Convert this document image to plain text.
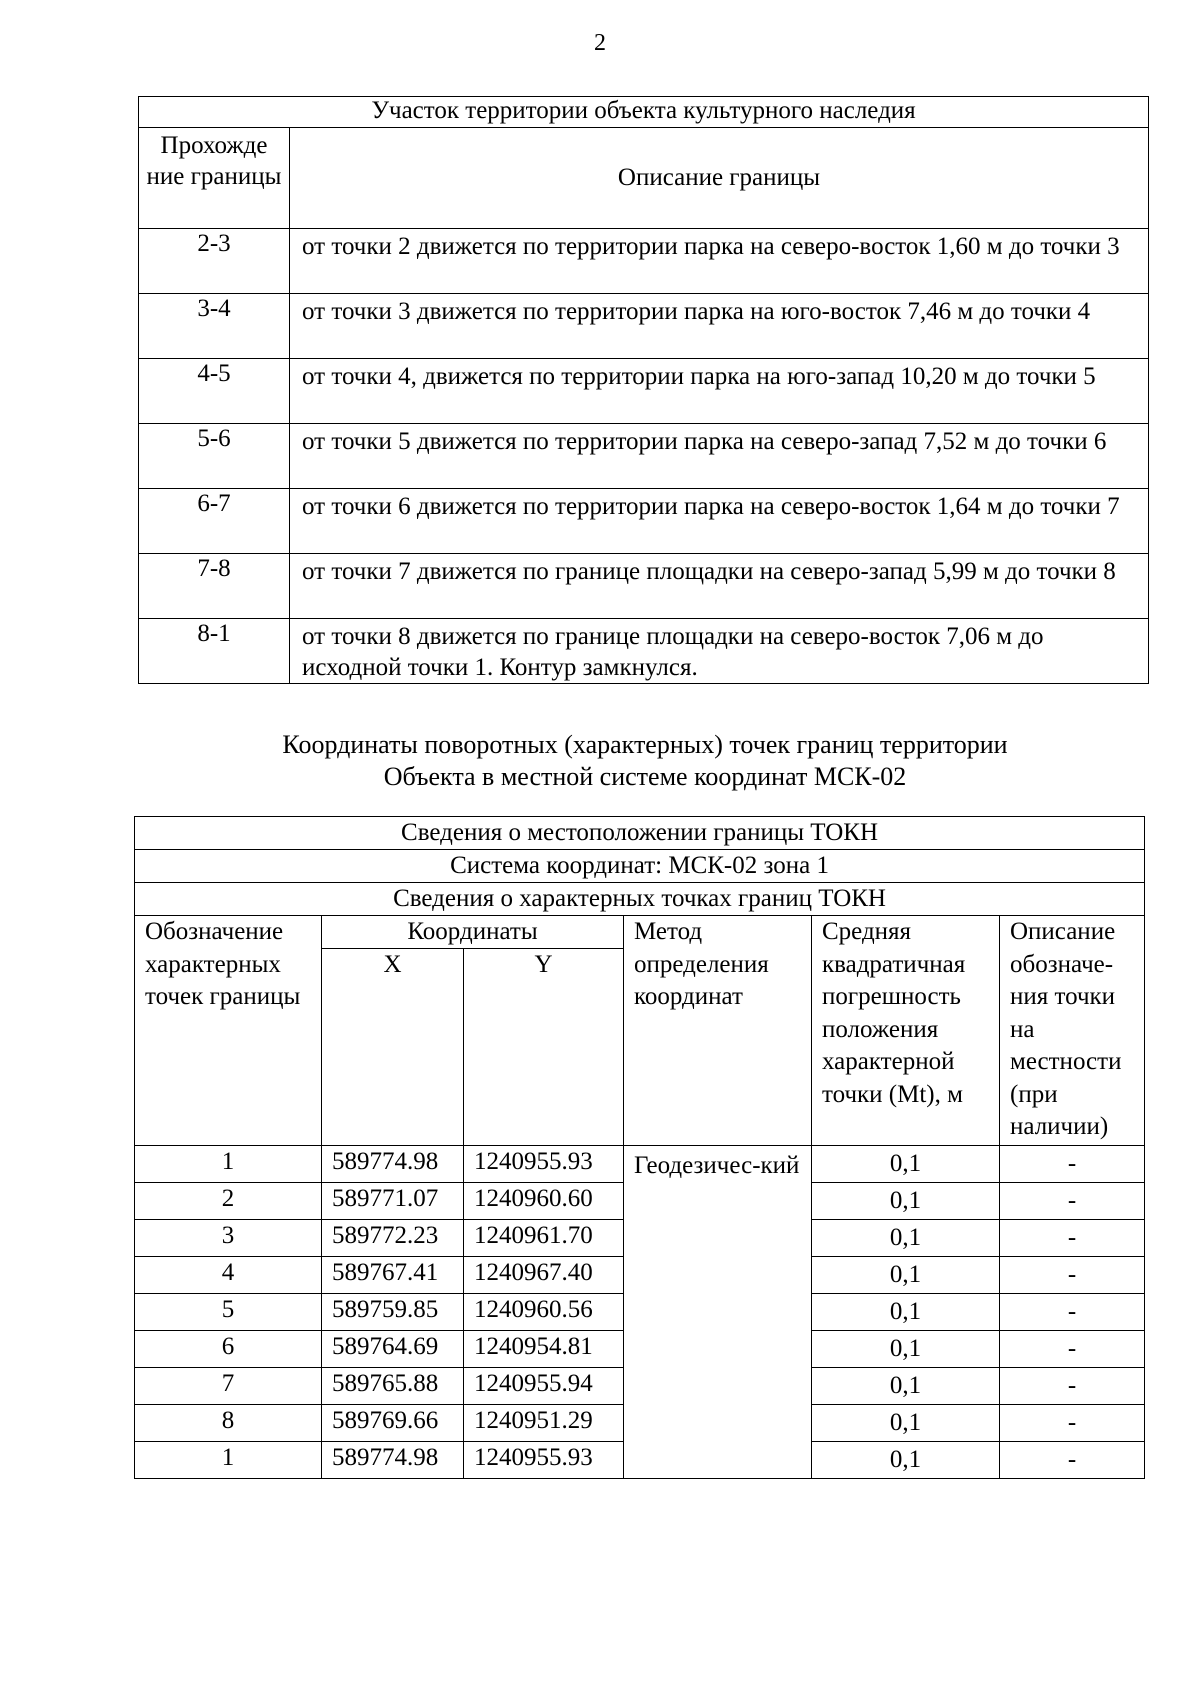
2
Участок территории объекта культурного наследия	
Прохожде ние границы	Описание границы
2-3	от точки 2 движется по территории парка на северо-восток 1,60 м до точки 3
3-4	от точки 3 движется по территории парка на юго-восток 7,46 м до точки 4
4-5	от точки 4, движется по территории парка на юго-запад 10,20 м до точки 5
5-6	от точки 5 движется по территории парка на северо-запад 7,52 м до точки 6
6-7	от точки 6 движется по территории парка на северо-восток 1,64 м до точки 7
7-8	от точки 7 движется по границе площадки на северо-запад 5,99 м до точки 8
8-1	от точки 8 движется по границе площадки на северо-восток 7,06 м до исходной точки 1. Контур замкнулся.
Координаты поворотных (характерных) точек границ территории
Объекта в местной системе координат МСК-02
Сведения о местоположении границы ТОКН					
Система координат: МСК-02 зона 1					
Сведения о характерных точках границ ТОКН					
Обозначение характерных точек границы	Координаты		Метод определения координат	Средняя квадратичная погрешность положения характерной точки (Mt), м	Описание обозначе-ния точки на местности (при наличии)
	X	Y			
1	589774.98	1240955.93	Геодезичес-кий	0,1	-
2	589771.07	1240960.60		0,1	-
3	589772.23	1240961.70		0,1	-
4	589767.41	1240967.40		0,1	-
5	589759.85	1240960.56		0,1	-
6	589764.69	1240954.81		0,1	-
7	589765.88	1240955.94		0,1	-
8	589769.66	1240951.29		0,1	-
1	589774.98	1240955.93		0,1	-
